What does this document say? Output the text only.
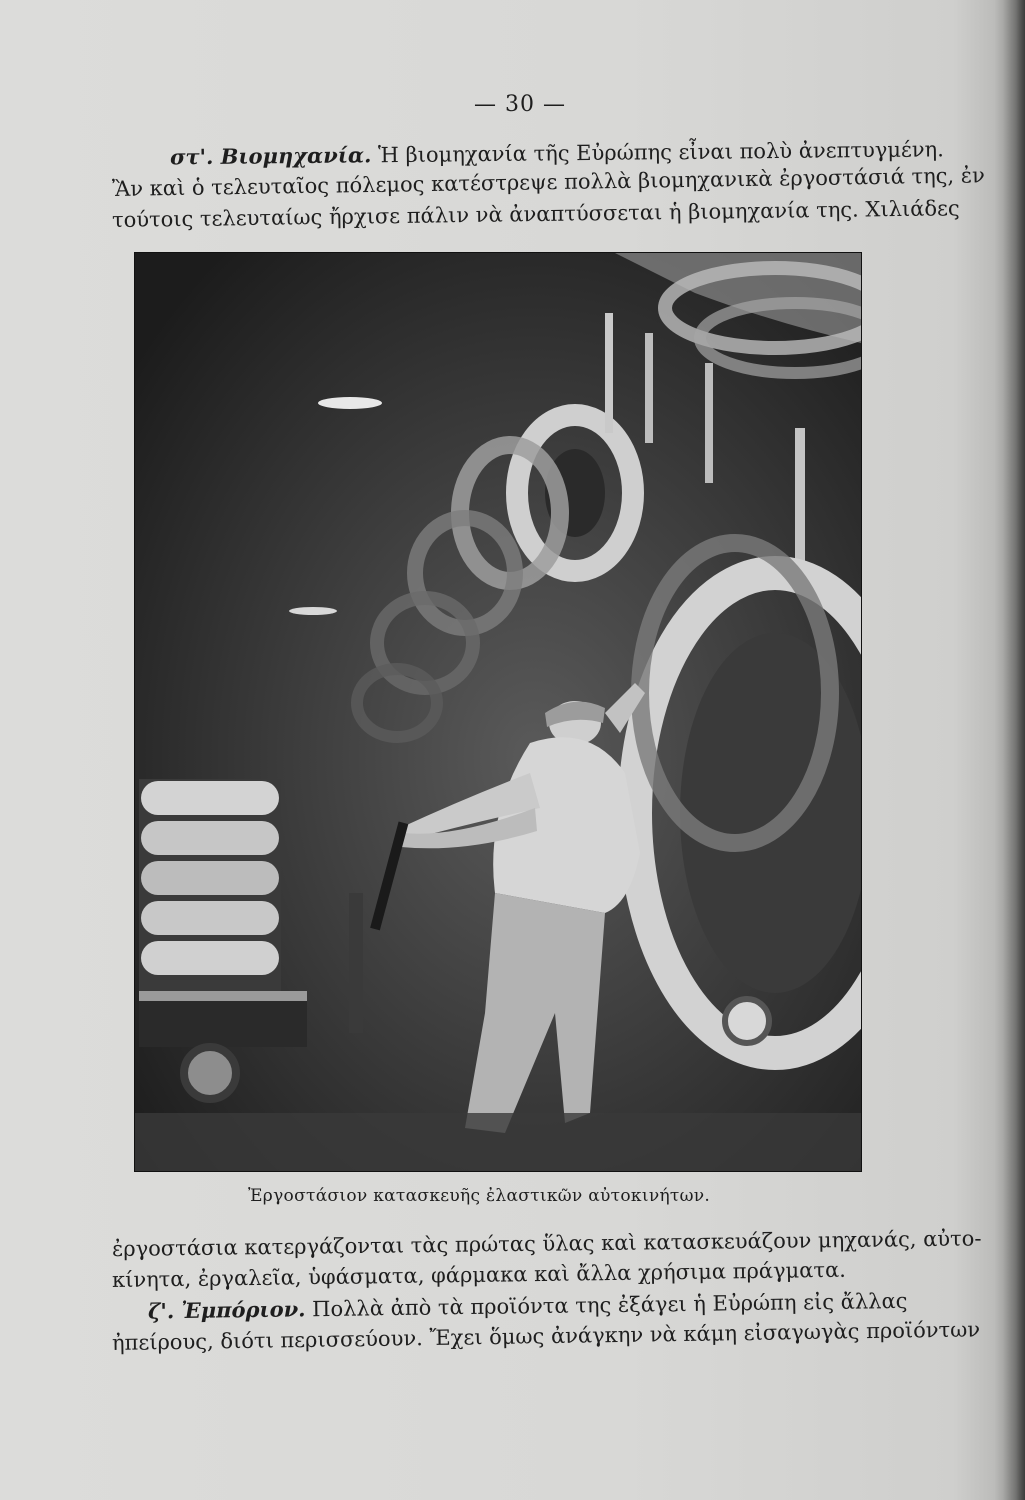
— 30 —
στ'. Βιομηχανία. Ἡ βιομηχανία τῆς Εὐρώπης εἶναι πολὺ ἀνεπτυγμένη.
Ἂν καὶ ὁ τελευταῖος πόλεμος κατέστρεψε πολλὰ βιομηχανικὰ ἐργοστάσιά της, ἐν
τούτοις τελευταίως ἤρχισε πάλιν νὰ ἀναπτύσσεται ἡ βιομηχανία της. Χιλιάδες
Ἐργοστάσιον κατασκευῆς ἐλαστικῶν αὐτοκινήτων.
ἐργοστάσια κατεργάζονται τὰς πρώτας ὕλας καὶ κατασκευάζουν μηχανάς, αὐτο-
κίνητα, ἐργαλεῖα, ὑφάσματα, φάρμακα καὶ ἄλλα χρήσιμα πράγματα.
ζ'. Ἐμπόριον. Πολλὰ ἀπὸ τὰ προϊόντα της ἐξάγει ἡ Εὐρώπη εἰς ἄλλας
ἠπείρους, διότι περισσεύουν. Ἔχει ὅμως ἀνάγκην νὰ κάμη εἰσαγωγὰς προϊόντων
